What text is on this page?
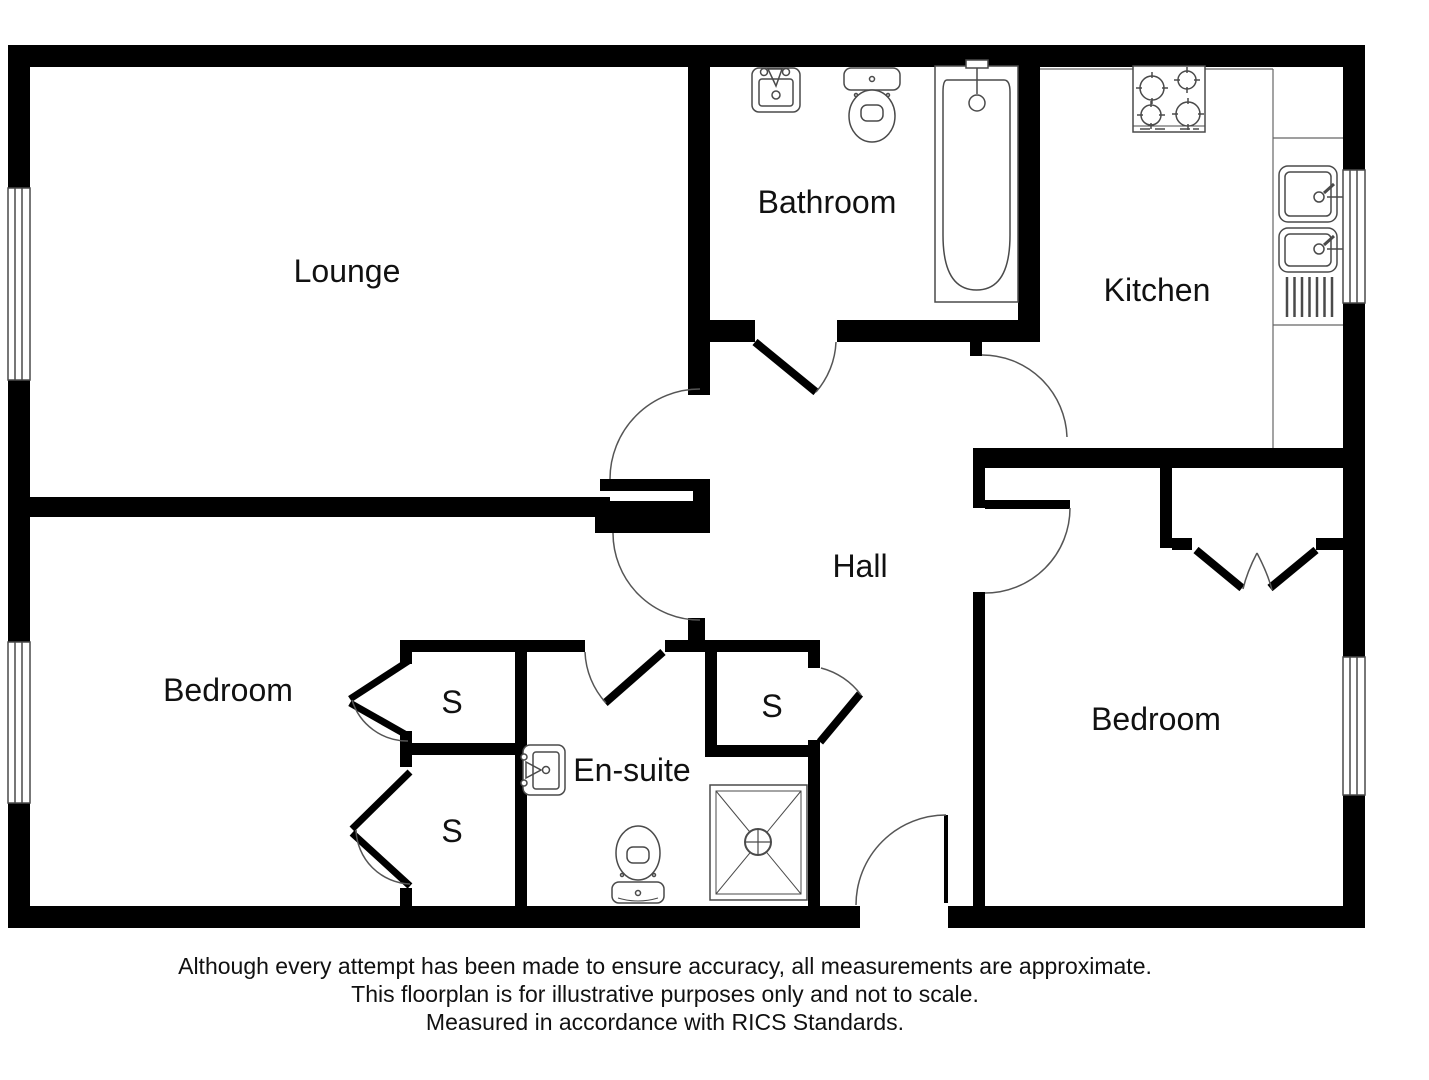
Lounge
Bathroom
Kitchen
Hall
Bedroom
Bedroom
En-suite
S	S
S
Although every attempt has been made to ensure accuracy, all measurements are approximate.
This floorplan is for illustrative purposes only and not to scale.
Measured in accordance with RICS Standards.
